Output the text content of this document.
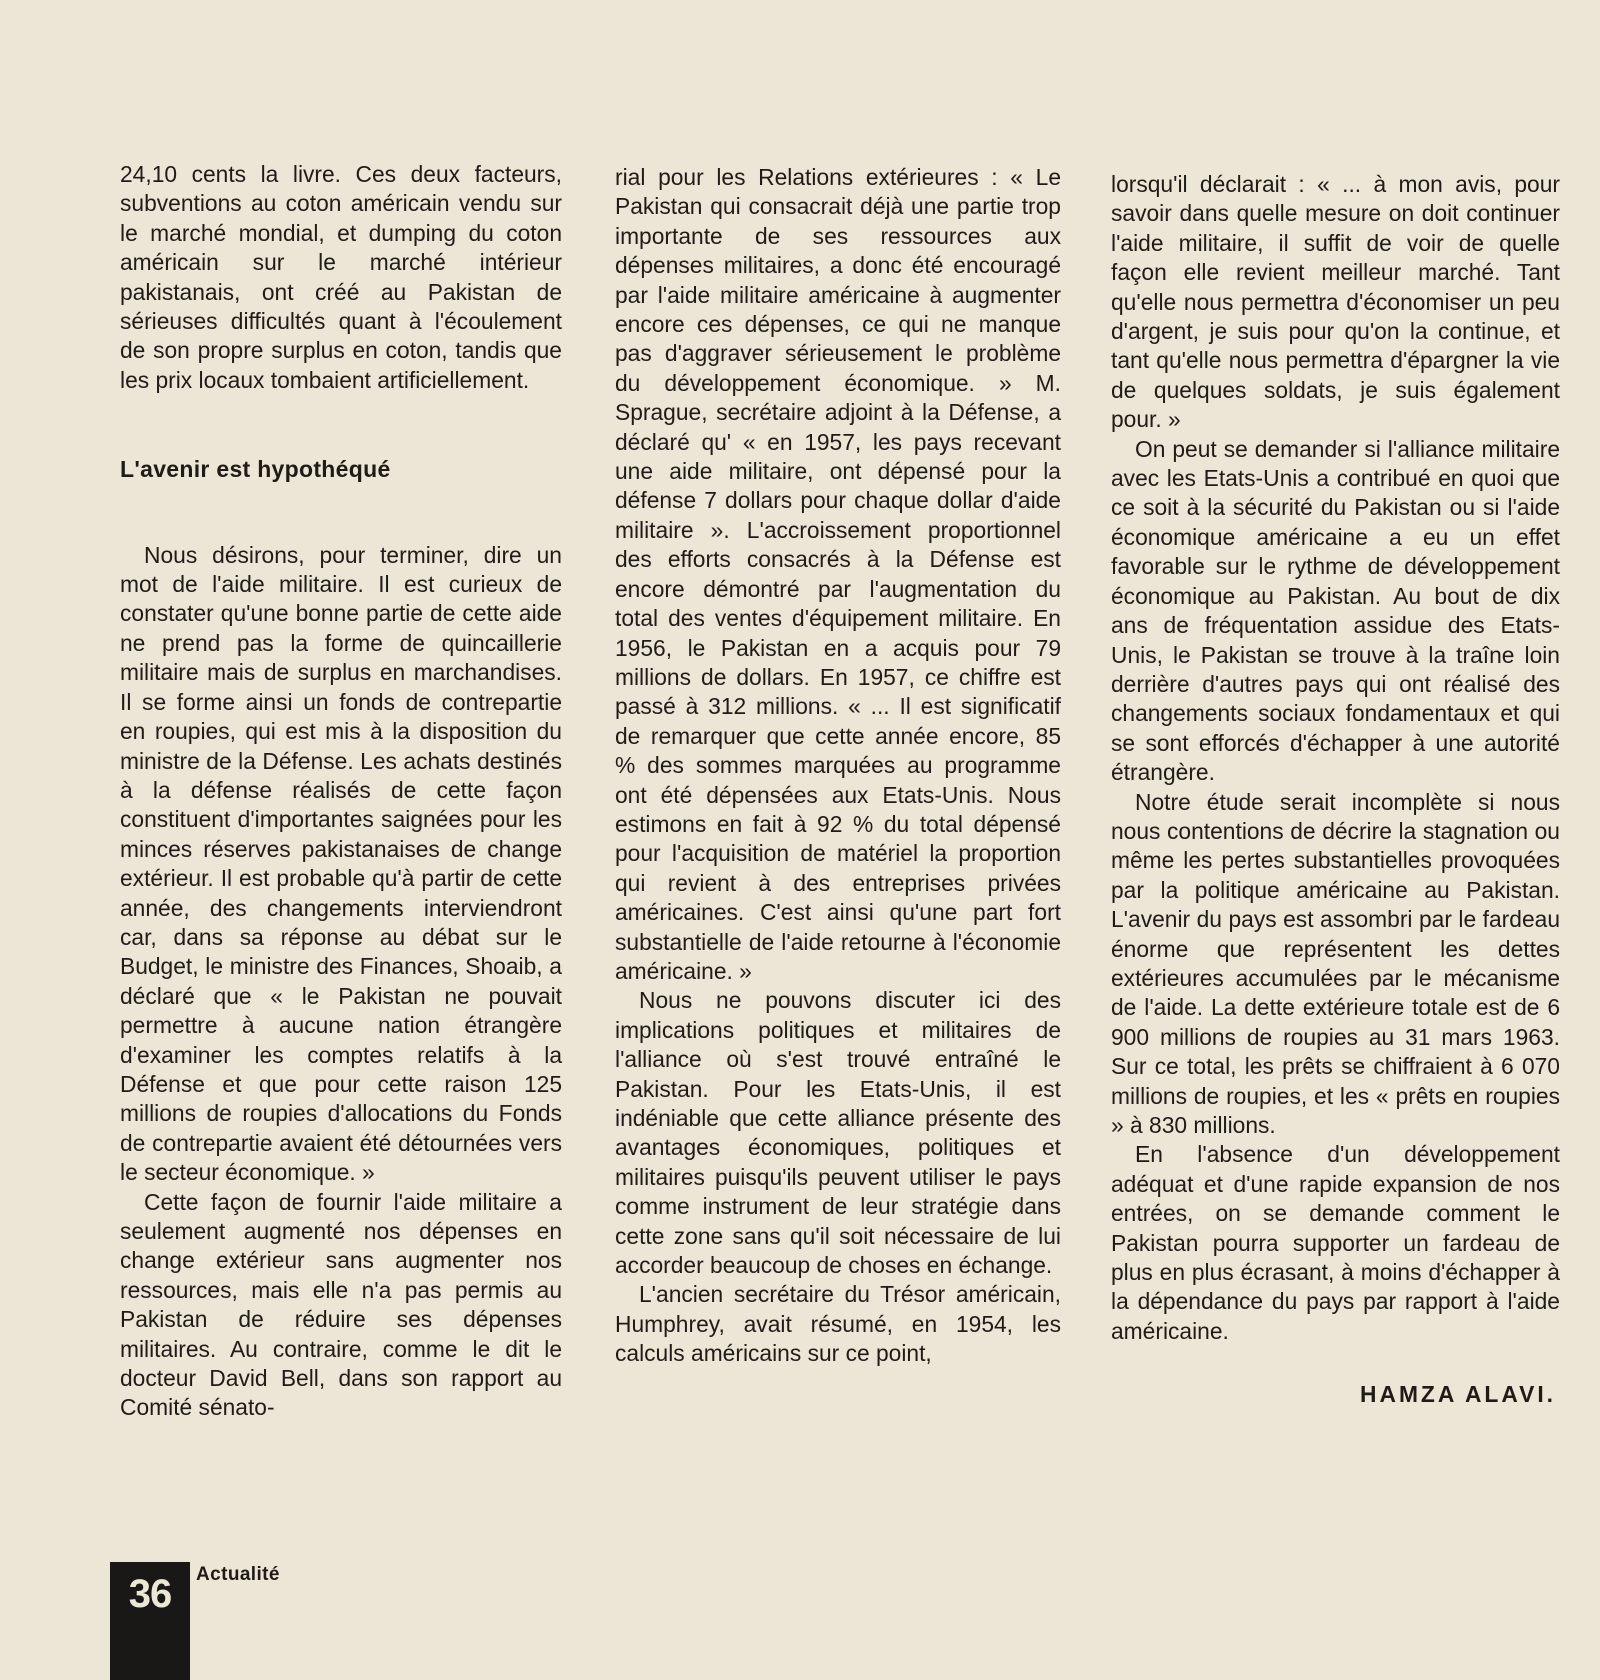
24,10 cents la livre. Ces deux facteurs, subventions au coton américain vendu sur le marché mondial, et dumping du coton américain sur le marché intérieur pakistanais, ont créé au Pakistan de sérieuses difficultés quant à l'écoulement de son propre surplus en coton, tandis que les prix locaux tombaient artificiellement.

L'avenir est hypothéqué

Nous désirons, pour terminer, dire un mot de l'aide militaire. Il est curieux de constater qu'une bonne partie de cette aide ne prend pas la forme de quincaillerie militaire mais de surplus en marchandises. Il se forme ainsi un fonds de contrepartie en roupies, qui est mis à la disposition du ministre de la Défense. Les achats destinés à la défense réalisés de cette façon constituent d'importantes saignées pour les minces réserves pakistanaises de change extérieur. Il est probable qu'à partir de cette année, des changements interviendront car, dans sa réponse au débat sur le Budget, le ministre des Finances, Shoaib, a déclaré que « le Pakistan ne pouvait permettre à aucune nation étrangère d'examiner les comptes relatifs à la Défense et que pour cette raison 125 millions de roupies d'allocations du Fonds de contrepartie avaient été détournées vers le secteur économique. »

Cette façon de fournir l'aide militaire a seulement augmenté nos dépenses en change extérieur sans augmenter nos ressources, mais elle n'a pas permis au Pakistan de réduire ses dépenses militaires. Au contraire, comme le dit le docteur David Bell, dans son rapport au Comité sénato-

rial pour les Relations extérieures : « Le Pakistan qui consacrait déjà une partie trop importante de ses ressources aux dépenses militaires, a donc été encouragé par l'aide militaire américaine à augmenter encore ces dépenses, ce qui ne manque pas d'aggraver sérieusement le problème du développement économique. » M. Sprague, secrétaire adjoint à la Défense, a déclaré qu' « en 1957, les pays recevant une aide militaire, ont dépensé pour la défense 7 dollars pour chaque dollar d'aide militaire ». L'accroissement proportionnel des efforts consacrés à la Défense est encore démontré par l'augmentation du total des ventes d'équipement militaire. En 1956, le Pakistan en a acquis pour 79 millions de dollars. En 1957, ce chiffre est passé à 312 millions. « ... Il est significatif de remarquer que cette année encore, 85 % des sommes marquées au programme ont été dépensées aux Etats-Unis. Nous estimons en fait à 92 % du total dépensé pour l'acquisition de matériel la proportion qui revient à des entreprises privées américaines. C'est ainsi qu'une part fort substantielle de l'aide retourne à l'économie américaine. »

Nous ne pouvons discuter ici des implications politiques et militaires de l'alliance où s'est trouvé entraîné le Pakistan. Pour les Etats-Unis, il est indéniable que cette alliance présente des avantages économiques, politiques et militaires puisqu'ils peuvent utiliser le pays comme instrument de leur stratégie dans cette zone sans qu'il soit nécessaire de lui accorder beaucoup de choses en échange.

L'ancien secrétaire du Trésor américain, Humphrey, avait résumé, en 1954, les calculs américains sur ce point,

lorsqu'il déclarait : « ... à mon avis, pour savoir dans quelle mesure on doit continuer l'aide militaire, il suffit de voir de quelle façon elle revient meilleur marché. Tant qu'elle nous permettra d'économiser un peu d'argent, je suis pour qu'on la continue, et tant qu'elle nous permettra d'épargner la vie de quelques soldats, je suis également pour. »

On peut se demander si l'alliance militaire avec les Etats-Unis a contribué en quoi que ce soit à la sécurité du Pakistan ou si l'aide économique américaine a eu un effet favorable sur le rythme de développement économique au Pakistan. Au bout de dix ans de fréquentation assidue des Etats-Unis, le Pakistan se trouve à la traîne loin derrière d'autres pays qui ont réalisé des changements sociaux fondamentaux et qui se sont efforcés d'échapper à une autorité étrangère.

Notre étude serait incomplète si nous nous contentions de décrire la stagnation ou même les pertes substantielles provoquées par la politique américaine au Pakistan. L'avenir du pays est assombri par le fardeau énorme que représentent les dettes extérieures accumulées par le mécanisme de l'aide. La dette extérieure totale est de 6 900 millions de roupies au 31 mars 1963. Sur ce total, les prêts se chiffraient à 6 070 millions de roupies, et les « prêts en roupies » à 830 millions.

En l'absence d'un développement adéquat et d'une rapide expansion de nos entrées, on se demande comment le Pakistan pourra supporter un fardeau de plus en plus écrasant, à moins d'échapper à la dépendance du pays par rapport à l'aide américaine.

HAMZA ALAVI.

36	Actualité
